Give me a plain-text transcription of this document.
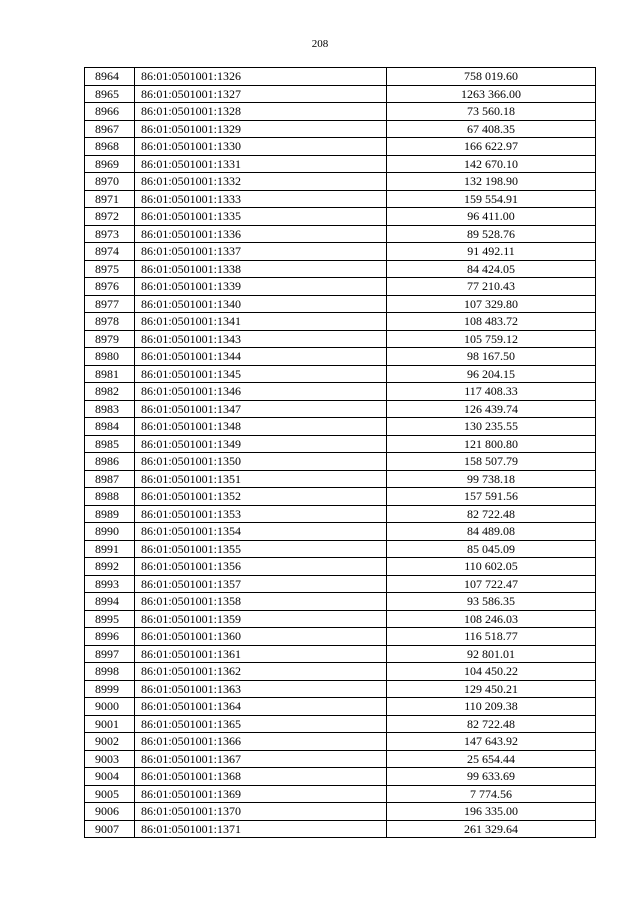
208
8964	86:01:0501001:1326	758 019.60
8965	86:01:0501001:1327	1263 366.00
8966	86:01:0501001:1328	73 560.18
8967	86:01:0501001:1329	67 408.35
8968	86:01:0501001:1330	166 622.97
8969	86:01:0501001:1331	142 670.10
8970	86:01:0501001:1332	132 198.90
8971	86:01:0501001:1333	159 554.91
8972	86:01:0501001:1335	96 411.00
8973	86:01:0501001:1336	89 528.76
8974	86:01:0501001:1337	91 492.11
8975	86:01:0501001:1338	84 424.05
8976	86:01:0501001:1339	77 210.43
8977	86:01:0501001:1340	107 329.80
8978	86:01:0501001:1341	108 483.72
8979	86:01:0501001:1343	105 759.12
8980	86:01:0501001:1344	98 167.50
8981	86:01:0501001:1345	96 204.15
8982	86:01:0501001:1346	117 408.33
8983	86:01:0501001:1347	126 439.74
8984	86:01:0501001:1348	130 235.55
8985	86:01:0501001:1349	121 800.80
8986	86:01:0501001:1350	158 507.79
8987	86:01:0501001:1351	99 738.18
8988	86:01:0501001:1352	157 591.56
8989	86:01:0501001:1353	82 722.48
8990	86:01:0501001:1354	84 489.08
8991	86:01:0501001:1355	85 045.09
8992	86:01:0501001:1356	110 602.05
8993	86:01:0501001:1357	107 722.47
8994	86:01:0501001:1358	93 586.35
8995	86:01:0501001:1359	108 246.03
8996	86:01:0501001:1360	116 518.77
8997	86:01:0501001:1361	92 801.01
8998	86:01:0501001:1362	104 450.22
8999	86:01:0501001:1363	129 450.21
9000	86:01:0501001:1364	110 209.38
9001	86:01:0501001:1365	82 722.48
9002	86:01:0501001:1366	147 643.92
9003	86:01:0501001:1367	25 654.44
9004	86:01:0501001:1368	99 633.69
9005	86:01:0501001:1369	7 774.56
9006	86:01:0501001:1370	196 335.00
9007	86:01:0501001:1371	261 329.64
